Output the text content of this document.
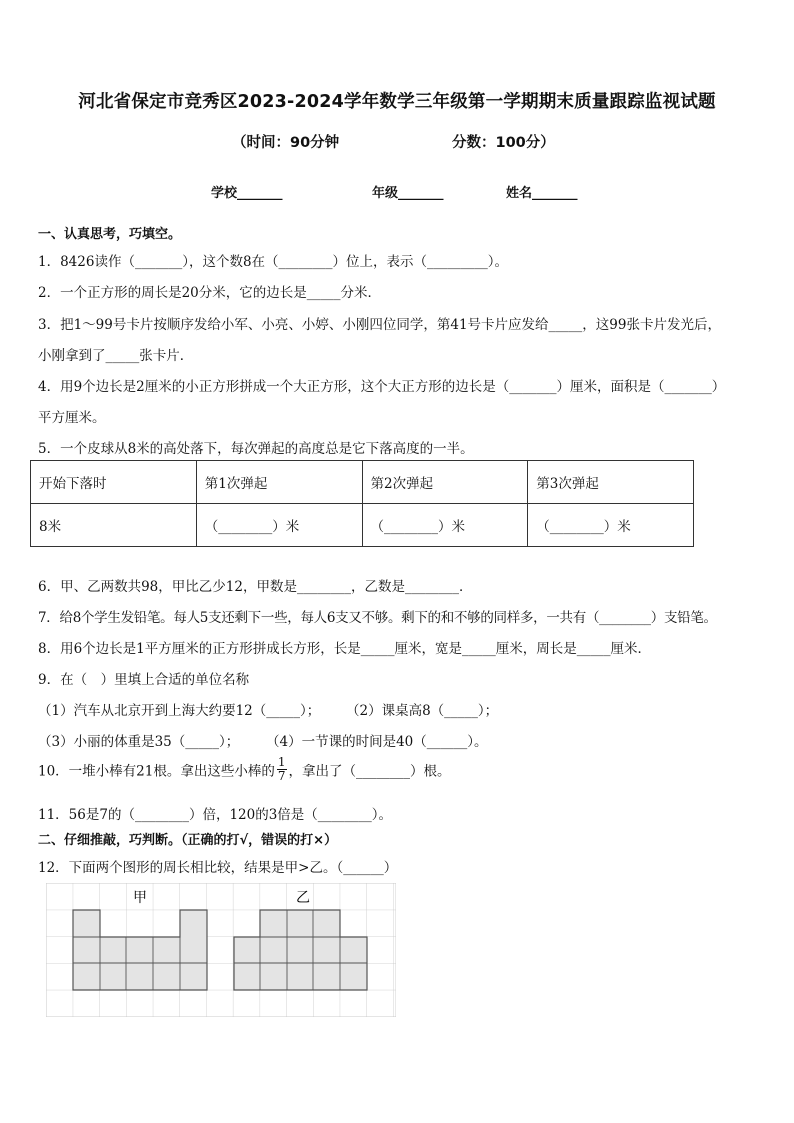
河北省保定市竞秀区2023-2024学年数学三年级第一学期期末质量跟踪监视试题
（时间：90分钟	分数：100分）
学校_______	年级_______	姓名_______
一、认真思考，巧填空。
1．8426读作（_______），这个数8在（________）位上，表示（_________）。
2．一个正方形的周长是20分米，它的边长是_____分米．
3．把1～99号卡片按顺序发给小军、小亮、小婷、小刚四位同学，第41号卡片应发给_____，这99张卡片发光后，
小刚拿到了_____张卡片．
4．用9个边长是2厘米的小正方形拼成一个大正方形，这个大正方形的边长是（_______）厘米，面积是（_______）
平方厘米。
5．一个皮球从8米的高处落下，每次弹起的高度总是它下落高度的一半。
开始下落时	第1次弹起	第2次弹起	第3次弹起
8米	（________）米	（________）米	（________）米
6．甲、乙两数共98，甲比乙少12，甲数是________，乙数是________．
7．给8个学生发铅笔。每人5支还剩下一些，每人6支又不够。剩下的和不够的同样多，一共有（________）支铅笔。
8．用6个边长是1平方厘米的正方形拼成长方形，长是_____厘米，宽是_____厘米，周长是_____厘米．
9．在（　）里填上合适的单位名称
（1）汽车从北京开到上海大约要12（_____）； （2）课桌高8（_____）；
（3）小丽的体重是35（_____）； （4）一节课的时间是40（______）。
10．一堆小棒有21根。拿出这些小棒的 $\frac{1}{7}$ ，拿出了（________）根。
11．56是7的（________）倍，120的3倍是（________）。
二、仔细推敲，巧判断。（正确的打√，错误的打×）
12．下面两个图形的周长相比较，结果是甲>乙。（______）
甲	乙
